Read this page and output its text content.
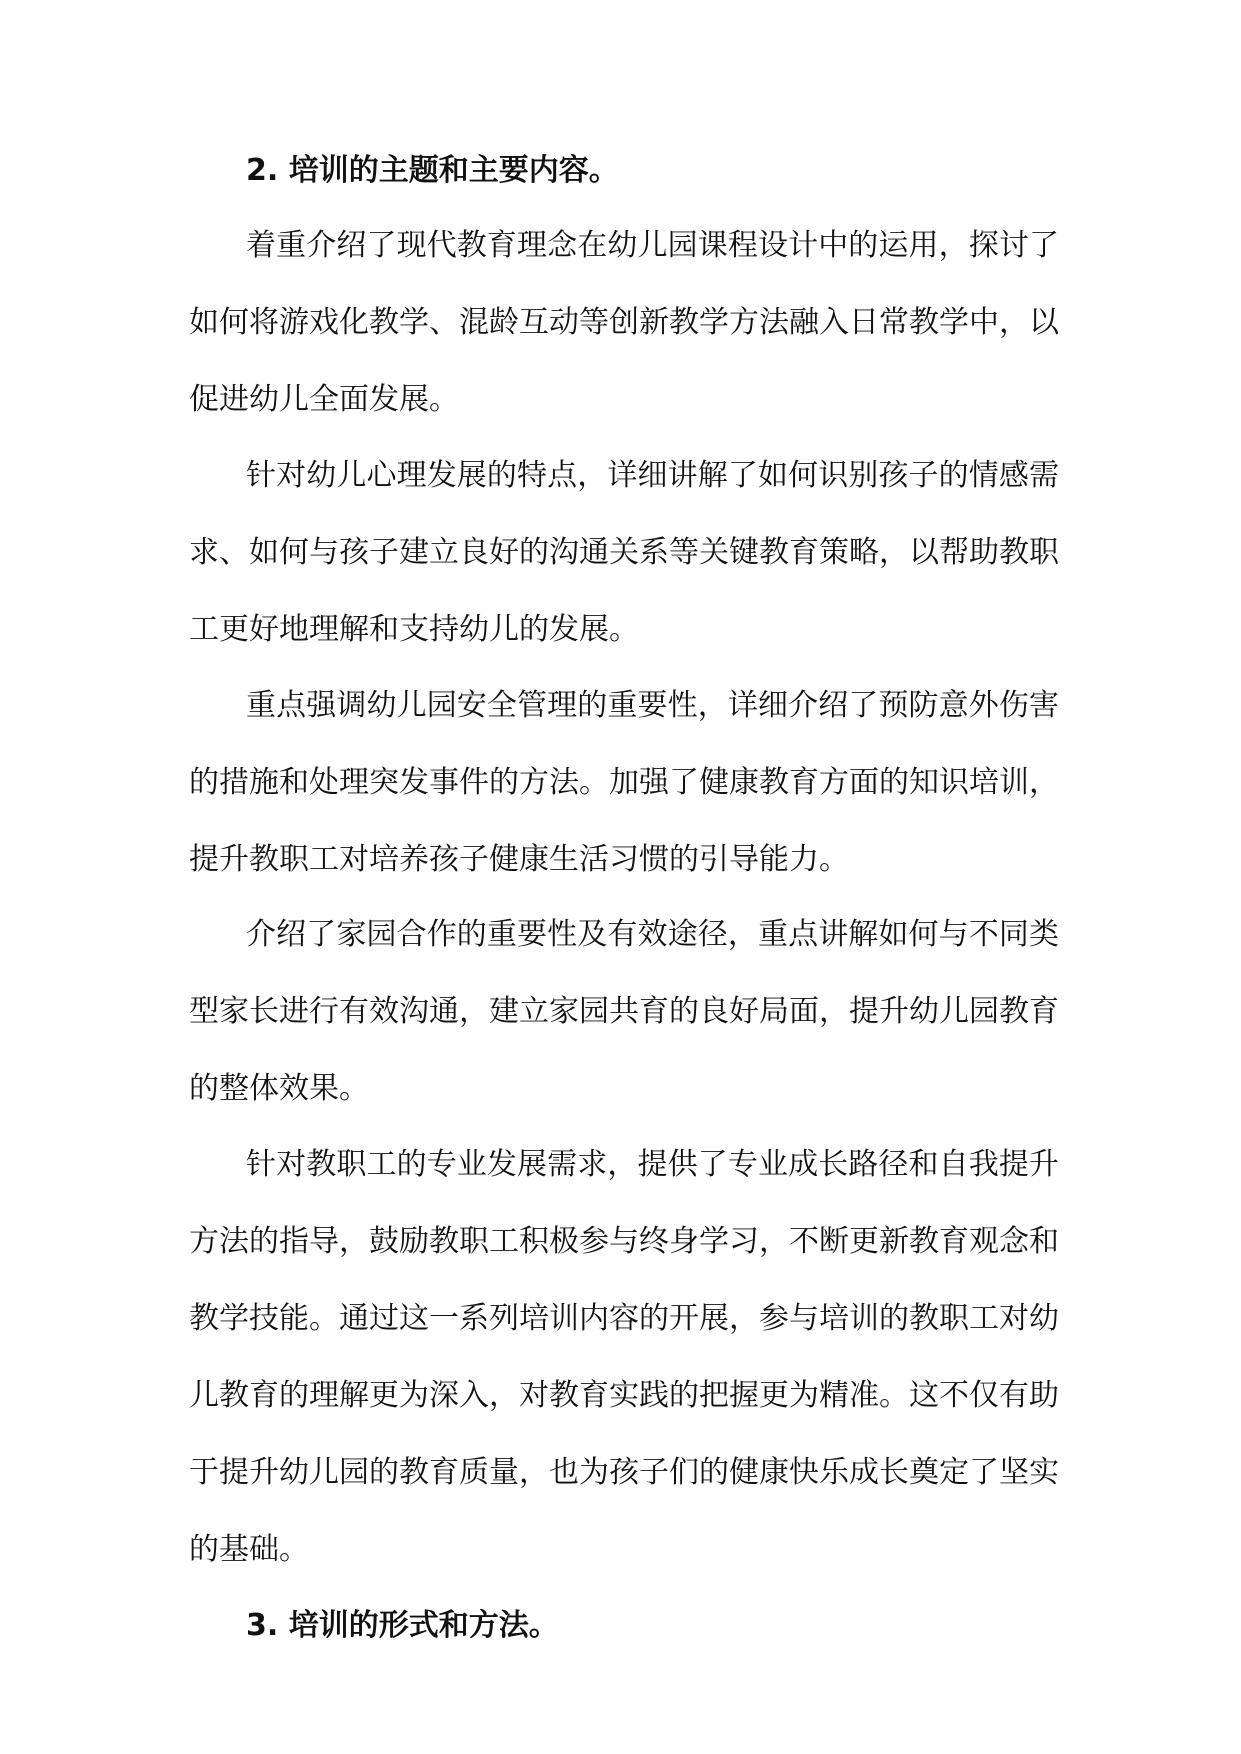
2. 培训的主题和主要内容。

着重介绍了现代教育理念在幼儿园课程设计中的运用，探讨了如何将游戏化教学、混龄互动等创新教学方法融入日常教学中，以促进幼儿全面发展。

针对幼儿心理发展的特点，详细讲解了如何识别孩子的情感需求、如何与孩子建立良好的沟通关系等关键教育策略，以帮助教职工更好地理解和支持幼儿的发展。

重点强调幼儿园安全管理的重要性，详细介绍了预防意外伤害的措施和处理突发事件的方法。加强了健康教育方面的知识培训，提升教职工对培养孩子健康生活习惯的引导能力。

介绍了家园合作的重要性及有效途径，重点讲解如何与不同类型家长进行有效沟通，建立家园共育的良好局面，提升幼儿园教育的整体效果。

针对教职工的专业发展需求，提供了专业成长路径和自我提升方法的指导，鼓励教职工积极参与终身学习，不断更新教育观念和教学技能。通过这一系列培训内容的开展，参与培训的教职工对幼儿教育的理解更为深入，对教育实践的把握更为精准。这不仅有助于提升幼儿园的教育质量，也为孩子们的健康快乐成长奠定了坚实的基础。

3. 培训的形式和方法。
